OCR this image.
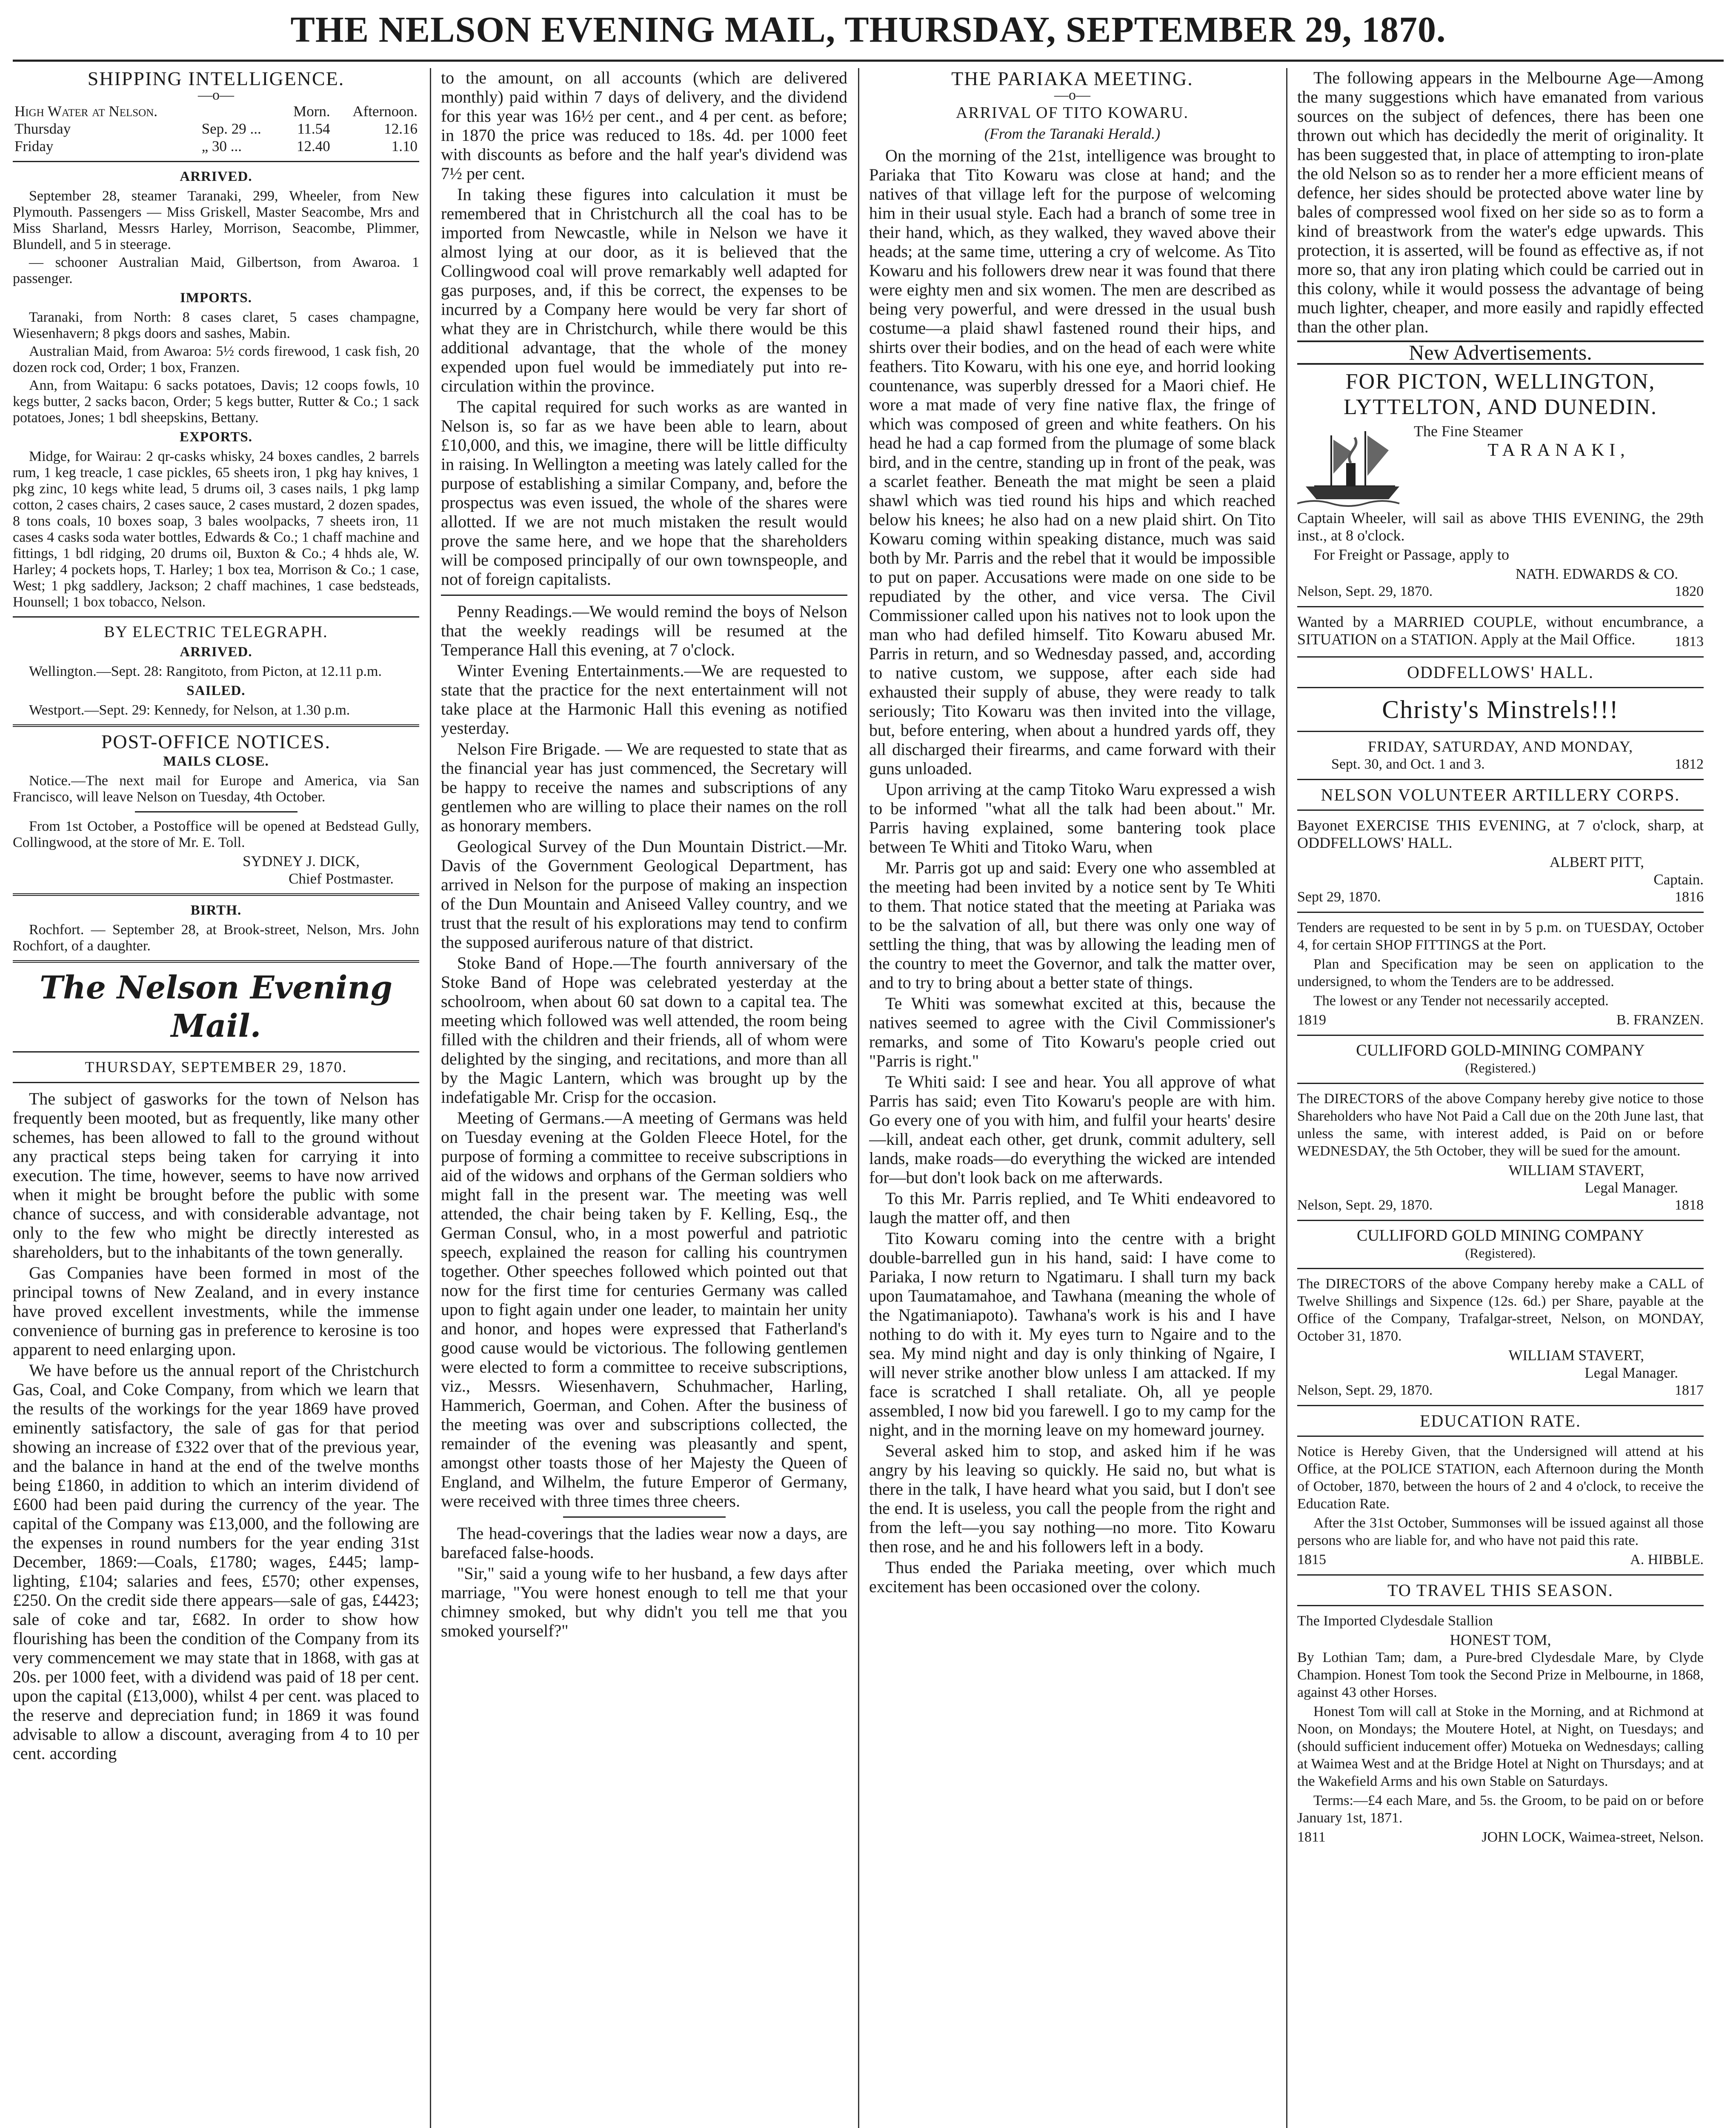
THE NELSON EVENING MAIL, THURSDAY, SEPTEMBER 29, 1870.
SHIPPING INTELLIGENCE.
—o—
High Water at Nelson.		Morn.	Afternoon.
Thursday	Sep. 29 ...	11.54	12.16
Friday	„ 30 ...	12.40	1.10
ARRIVED.

September 28, steamer Taranaki, 299, Wheeler, from New Plymouth. Passengers — Miss Griskell, Master Seacombe, Mrs and Miss Sharland, Messrs Harley, Morrison, Seacombe, Plimmer, Blundell, and 5 in steerage.

— schooner Australian Maid, Gilbertson, from Awaroa. 1 passenger.

IMPORTS.

Taranaki, from North: 8 cases claret, 5 cases champagne, Wiesenhavern; 8 pkgs doors and sashes, Mabin.

Australian Maid, from Awaroa: 5½ cords firewood, 1 cask fish, 20 dozen rock cod, Order; 1 box, Franzen.

Ann, from Waitapu: 6 sacks potatoes, Davis; 12 coops fowls, 10 kegs butter, 2 sacks bacon, Order; 5 kegs butter, Rutter & Co.; 1 sack potatoes, Jones; 1 bdl sheepskins, Bettany.

EXPORTS.

Midge, for Wairau: 2 qr-casks whisky, 24 boxes candles, 2 barrels rum, 1 keg treacle, 1 case pickles, 65 sheets iron, 1 pkg hay knives, 1 pkg zinc, 10 kegs white lead, 5 drums oil, 3 cases nails, 1 pkg lamp cotton, 2 cases chairs, 2 cases sauce, 2 cases mustard, 2 dozen spades, 8 tons coals, 10 boxes soap, 3 bales woolpacks, 7 sheets iron, 11 cases 4 casks soda water bottles, Edwards & Co.; 1 chaff machine and fittings, 1 bdl ridging, 20 drums oil, Buxton & Co.; 4 hhds ale, W. Harley; 4 pockets hops, T. Harley; 1 box tea, Morrison & Co.; 1 case, West; 1 pkg saddlery, Jackson; 2 chaff machines, 1 case bedsteads, Hounsell; 1 box tobacco, Nelson.

BY ELECTRIC TELEGRAPH.
ARRIVED.

Wellington.—Sept. 28: Rangitoto, from Picton, at 12.11 p.m.

SAILED.

Westport.—Sept. 29: Kennedy, for Nelson, at 1.30 p.m.

POST-OFFICE NOTICES.
MAILS CLOSE.

Notice.—The next mail for Europe and America, via San Francisco, will leave Nelson on Tuesday, 4th October.

From 1st October, a Postoffice will be opened at Bedstead Gully, Collingwood, at the store of Mr. E. Toll.

SYDNEY J. DICK,
Chief Postmaster.
BIRTH.

Rochfort. — September 28, at Brook-street, Nelson, Mrs. John Rochfort, of a daughter.

The Nelson Evening Mail.
THURSDAY, SEPTEMBER 29, 1870.

The subject of gasworks for the town of Nelson has frequently been mooted, but as frequently, like many other schemes, has been allowed to fall to the ground without any practical steps being taken for carrying it into execution. The time, however, seems to have now arrived when it might be brought before the public with some chance of success, and with considerable advantage, not only to the few who might be directly interested as shareholders, but to the inhabitants of the town generally.

Gas Companies have been formed in most of the principal towns of New Zealand, and in every instance have proved excellent investments, while the immense convenience of burning gas in preference to kerosine is too apparent to need enlarging upon.

We have before us the annual report of the Christchurch Gas, Coal, and Coke Company, from which we learn that the results of the workings for the year 1869 have proved eminently satisfactory, the sale of gas for that period showing an increase of £322 over that of the previous year, and the balance in hand at the end of the twelve months being £1860, in addition to which an interim dividend of £600 had been paid during the currency of the year. The capital of the Company was £13,000, and the following are the expenses in round numbers for the year ending 31st December, 1869:—Coals, £1780; wages, £445; lamp-lighting, £104; salaries and fees, £570; other expenses, £250. On the credit side there appears—sale of gas, £4423; sale of coke and tar, £682. In order to show how flourishing has been the condition of the Company from its very commencement we may state that in 1868, with gas at 20s. per 1000 feet, with a dividend was paid of 18 per cent. upon the capital (£13,000), whilst 4 per cent. was placed to the reserve and depreciation fund; in 1869 it was found advisable to allow a discount, averaging from 4 to 10 per cent. according

to the amount, on all accounts (which are delivered monthly) paid within 7 days of delivery, and the dividend for this year was 16½ per cent., and 4 per cent. as before; in 1870 the price was reduced to 18s. 4d. per 1000 feet with discounts as before and the half year's dividend was 7½ per cent.

In taking these figures into calculation it must be remembered that in Christchurch all the coal has to be imported from Newcastle, while in Nelson we have it almost lying at our door, as it is believed that the Collingwood coal will prove remarkably well adapted for gas purposes, and, if this be correct, the expenses to be incurred by a Company here would be very far short of what they are in Christchurch, while there would be this additional advantage, that the whole of the money expended upon fuel would be immediately put into re-circulation within the province.

The capital required for such works as are wanted in Nelson is, so far as we have been able to learn, about £10,000, and this, we imagine, there will be little difficulty in raising. In Wellington a meeting was lately called for the purpose of establishing a similar Company, and, before the prospectus was even issued, the whole of the shares were allotted. If we are not much mistaken the result would prove the same here, and we hope that the shareholders will be composed principally of our own townspeople, and not of foreign capitalists.

Penny Readings.—We would remind the boys of Nelson that the weekly readings will be resumed at the Temperance Hall this evening, at 7 o'clock.

Winter Evening Entertainments.—We are requested to state that the practice for the next entertainment will not take place at the Harmonic Hall this evening as notified yesterday.

Nelson Fire Brigade. — We are requested to state that as the financial year has just commenced, the Secretary will be happy to receive the names and subscriptions of any gentlemen who are willing to place their names on the roll as honorary members.

Geological Survey of the Dun Mountain District.—Mr. Davis of the Government Geological Department, has arrived in Nelson for the purpose of making an inspection of the Dun Mountain and Aniseed Valley country, and we trust that the result of his explorations may tend to confirm the supposed auriferous nature of that district.

Stoke Band of Hope.—The fourth anniversary of the Stoke Band of Hope was celebrated yesterday at the schoolroom, when about 60 sat down to a capital tea. The meeting which followed was well attended, the room being filled with the children and their friends, all of whom were delighted by the singing, and recitations, and more than all by the Magic Lantern, which was brought up by the indefatigable Mr. Crisp for the occasion.

Meeting of Germans.—A meeting of Germans was held on Tuesday evening at the Golden Fleece Hotel, for the purpose of forming a committee to receive subscriptions in aid of the widows and orphans of the German soldiers who might fall in the present war. The meeting was well attended, the chair being taken by F. Kelling, Esq., the German Consul, who, in a most powerful and patriotic speech, explained the reason for calling his countrymen together. Other speeches followed which pointed out that now for the first time for centuries Germany was called upon to fight again under one leader, to maintain her unity and honor, and hopes were expressed that Fatherland's good cause would be victorious. The following gentlemen were elected to form a committee to receive subscriptions, viz., Messrs. Wiesenhavern, Schuhmacher, Harling, Hammerich, Goerman, and Cohen. After the business of the meeting was over and subscriptions collected, the remainder of the evening was pleasantly and spent, amongst other toasts those of her Majesty the Queen of England, and Wilhelm, the future Emperor of Germany, were received with three times three cheers.

The head-coverings that the ladies wear now a days, are barefaced false-hoods.

"Sir," said a young wife to her husband, a few days after marriage, "You were honest enough to tell me that your chimney smoked, but why didn't you tell me that you smoked yourself?"

THE PARIAKA MEETING.
—o—
ARRIVAL OF TITO KOWARU.
(From the Taranaki Herald.)

On the morning of the 21st, intelligence was brought to Pariaka that Tito Kowaru was close at hand; and the natives of that village left for the purpose of welcoming him in their usual style. Each had a branch of some tree in their hand, which, as they walked, they waved above their heads; at the same time, uttering a cry of welcome. As Tito Kowaru and his followers drew near it was found that there were eighty men and six women. The men are described as being very powerful, and were dressed in the usual bush costume—a plaid shawl fastened round their hips, and shirts over their bodies, and on the head of each were white feathers. Tito Kowaru, with his one eye, and horrid looking countenance, was superbly dressed for a Maori chief. He wore a mat made of very fine native flax, the fringe of which was composed of green and white feathers. On his head he had a cap formed from the plumage of some black bird, and in the centre, standing up in front of the peak, was a scarlet feather. Beneath the mat might be seen a plaid shawl which was tied round his hips and which reached below his knees; he also had on a new plaid shirt. On Tito Kowaru coming within speaking distance, much was said both by Mr. Parris and the rebel that it would be impossible to put on paper. Accusations were made on one side to be repudiated by the other, and vice versa. The Civil Commissioner called upon his natives not to look upon the man who had defiled himself. Tito Kowaru abused Mr. Parris in return, and so Wednesday passed, and, according to native custom, we suppose, after each side had exhausted their supply of abuse, they were ready to talk seriously; Tito Kowaru was then invited into the village, but, before entering, when about a hundred yards off, they all discharged their firearms, and came forward with their guns unloaded.

Upon arriving at the camp Titoko Waru expressed a wish to be informed "what all the talk had been about." Mr. Parris having explained, some bantering took place between Te Whiti and Titoko Waru, when

Mr. Parris got up and said: Every one who assembled at the meeting had been invited by a notice sent by Te Whiti to them. That notice stated that the meeting at Pariaka was to be the salvation of all, but there was only one way of settling the thing, that was by allowing the leading men of the country to meet the Governor, and talk the matter over, and to try to bring about a better state of things.

Te Whiti was somewhat excited at this, because the natives seemed to agree with the Civil Commissioner's remarks, and some of Tito Kowaru's people cried out "Parris is right."

Te Whiti said: I see and hear. You all approve of what Parris has said; even Tito Kowaru's people are with him. Go every one of you with him, and fulfil your hearts' desire—kill, andeat each other, get drunk, commit adultery, sell lands, make roads—do everything the wicked are intended for—but don't look back on me afterwards.

To this Mr. Parris replied, and Te Whiti endeavored to laugh the matter off, and then

Tito Kowaru coming into the centre with a bright double-barrelled gun in his hand, said: I have come to Pariaka, I now return to Ngatimaru. I shall turn my back upon Taumatamahoe, and Tawhana (meaning the whole of the Ngatimaniapoto). Tawhana's work is his and I have nothing to do with it. My eyes turn to Ngaire and to the sea. My mind night and day is only thinking of Ngaire, I will never strike another blow unless I am attacked. If my face is scratched I shall retaliate. Oh, all ye people assembled, I now bid you farewell. I go to my camp for the night, and in the morning leave on my homeward journey.

Several asked him to stop, and asked him if he was angry by his leaving so quickly. He said no, but what is there in the talk, I have heard what you said, but I don't see the end. It is useless, you call the people from the right and from the left—you say nothing—no more. Tito Kowaru then rose, and he and his followers left in a body.

Thus ended the Pariaka meeting, over which much excitement has been occasioned over the colony.

The following appears in the Melbourne Age—Among the many suggestions which have emanated from various sources on the subject of defences, there has been one thrown out which has decidedly the merit of originality. It has been suggested that, in place of attempting to iron-plate the old Nelson so as to render her a more efficient means of defence, her sides should be protected above water line by bales of compressed wool fixed on her side so as to form a kind of breastwork from the water's edge upwards. This protection, it is asserted, will be found as effective as, if not more so, that any iron plating which could be carried out in this colony, while it would possess the advantage of being much lighter, cheaper, and more easily and rapidly effected than the other plan.

New Advertisements.
FOR PICTON, WELLINGTON, LYTTELTON, AND DUNEDIN.

The Fine Steamer

TARANAKI,

Captain Wheeler, will sail as above THIS EVENING, the 29th inst., at 8 o'clock.

For Freight or Passage, apply to

NATH. EDWARDS & CO.
Nelson, Sept. 29, 1870.	1820

Wanted by a MARRIED COUPLE, without encumbrance, a SITUATION on a STATION. Apply at the Mail Office.	1813
ODDFELLOWS' HALL.
Christy's Minstrels!!!
FRIDAY, SATURDAY, AND MONDAY,
Sept. 30, and Oct. 1 and 3.	1812
NELSON VOLUNTEER ARTILLERY CORPS.

Bayonet EXERCISE THIS EVENING, at 7 o'clock, sharp, at ODDFELLOWS' HALL.

ALBERT PITT,
Captain.
Sept 29, 1870.	1816

Tenders are requested to be sent in by 5 p.m. on TUESDAY, October 4, for certain SHOP FITTINGS at the Port.

Plan and Specification may be seen on application to the undersigned, to whom the Tenders are to be addressed.

The lowest or any Tender not necessarily accepted.

1819	B. FRANZEN.
CULLIFORD GOLD-MINING COMPANY
(Registered.)

The DIRECTORS of the above Company hereby give notice to those Shareholders who have Not Paid a Call due on the 20th June last, that unless the same, with interest added, is Paid on or before WEDNESDAY, the 5th October, they will be sued for the amount.

WILLIAM STAVERT,
Legal Manager.
Nelson, Sept. 29, 1870.	1818
CULLIFORD GOLD MINING COMPANY
(Registered).

The DIRECTORS of the above Company hereby make a CALL of Twelve Shillings and Sixpence (12s. 6d.) per Share, payable at the Office of the Company, Trafalgar-street, Nelson, on MONDAY, October 31, 1870.

WILLIAM STAVERT,
Legal Manager.
Nelson, Sept. 29, 1870.	1817
EDUCATION RATE.

Notice is Hereby Given, that the Undersigned will attend at his Office, at the POLICE STATION, each Afternoon during the Month of October, 1870, between the hours of 2 and 4 o'clock, to receive the Education Rate.

After the 31st October, Summonses will be issued against all those persons who are liable for, and who have not paid this rate.

1815	A. HIBBLE.
TO TRAVEL THIS SEASON.

The Imported Clydesdale Stallion

HONEST TOM,

By Lothian Tam; dam, a Pure-bred Clydesdale Mare, by Clyde Champion. Honest Tom took the Second Prize in Melbourne, in 1868, against 43 other Horses.

Honest Tom will call at Stoke in the Morning, and at Richmond at Noon, on Mondays; the Moutere Hotel, at Night, on Tuesdays; and (should sufficient inducement offer) Motueka on Wednesdays; calling at Waimea West and at the Bridge Hotel at Night on Thursdays; and at the Wakefield Arms and his own Stable on Saturdays.

Terms:—£4 each Mare, and 5s. the Groom, to be paid on or before January 1st, 1871.

1811	JOHN LOCK, Waimea-street, Nelson.
